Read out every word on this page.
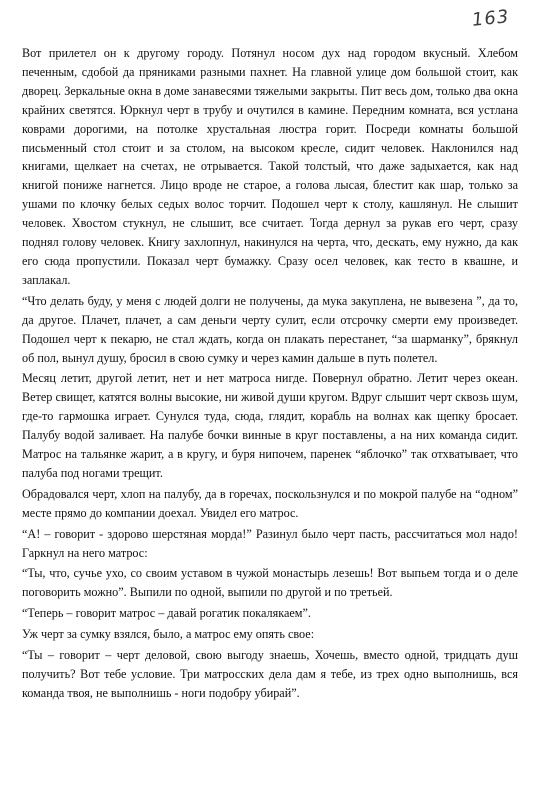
163

Вот прилетел он к другому городу. Потянул носом дух над городом вкусный. Хлебом печенным, сдобой да пряниками разными пахнет. На главной улице дом большой стоит, как дворец. Зеркальные окна в доме занавесями тяжелыми закрыты. Пит весь дом, только два окна крайних светятся. Юркнул черт в трубу и очутился в камине. Передним комната, вся устлана коврами дорогими, на потолке хрустальная люстра горит. Посреди комнаты большой письменный стол стоит и за столом, на высоком кресле, сидит человек. Наклонился над книгами, щелкает на счетах, не отрывается. Такой толстый, что даже задыхается, как над книгой пониже нагнется. Лицо вроде не старое, а голова лысая, блестит как шар, только за ушами по клочку белых седых волос торчит. Подошел черт к столу, кашлянул. Не слышит человек. Хвостом стукнул, не слышит, все считает. Тогда дернул за рукав его черт, сразу поднял голову человек. Книгу захлопнул, накинулся на черта, что, дескать, ему нужно, да как его сюда пропустили. Показал черт бумажку. Сразу осел человек, как тесто в квашне, и заплакал.

“Что делать буду, у меня с людей долги не получены, да мука закуплена, не вывезена ”, да то, да другое. Плачет, плачет, а сам деньги черту сулит, если отсрочку смерти ему произведет. Подошел черт к пекарю, не стал ждать, когда он плакать перестанет, “за шарманку”, брякнул об пол, вынул душу, бросил в свою сумку и через камин дальше в путь полетел.

Месяц летит, другой летит, нет и нет матроса нигде. Повернул обратно. Летит через океан. Ветер свищет, катятся волны высокие, ни живой души кругом. Вдруг слышит черт сквозь шум, где-то гармошка играет. Сунулся туда, сюда, глядит, корабль на волнах как щепку бросает. Палубу водой заливает. На палубе бочки винные в круг поставлены, а на них команда сидит. Матрос на тальянке жарит, а в кругу, и буря нипочем, паренек “яблочко” так отхватывает, что палуба под ногами трещит.

Обрадовался черт, хлоп на палубу, да в горечах, поскользнулся и по мокрой палубе на “одном” месте прямо до компании доехал. Увидел его матрос.

“А! – говорит - здорово шерстяная морда!” Разинул было черт пасть, рассчитаться мол надо! Гаркнул на него матрос:

“Ты, что, сучье ухо, со своим уставом в чужой монастырь лезешь! Вот выпьем тогда и о деле поговорить можно”. Выпили по одной, выпили по другой и по третьей.

“Теперь – говорит матрос – давай рогатик покалякаем”.

Уж черт за сумку взялся, было, а матрос ему опять свое:

“Ты – говорит – черт деловой, свою выгоду знаешь, Хочешь, вместо одной, тридцать душ получить? Вот тебе условие. Три матросских дела дам я тебе, из трех одно выполнишь, вся команда твоя, не выполнишь - ноги подобру убирай”.
